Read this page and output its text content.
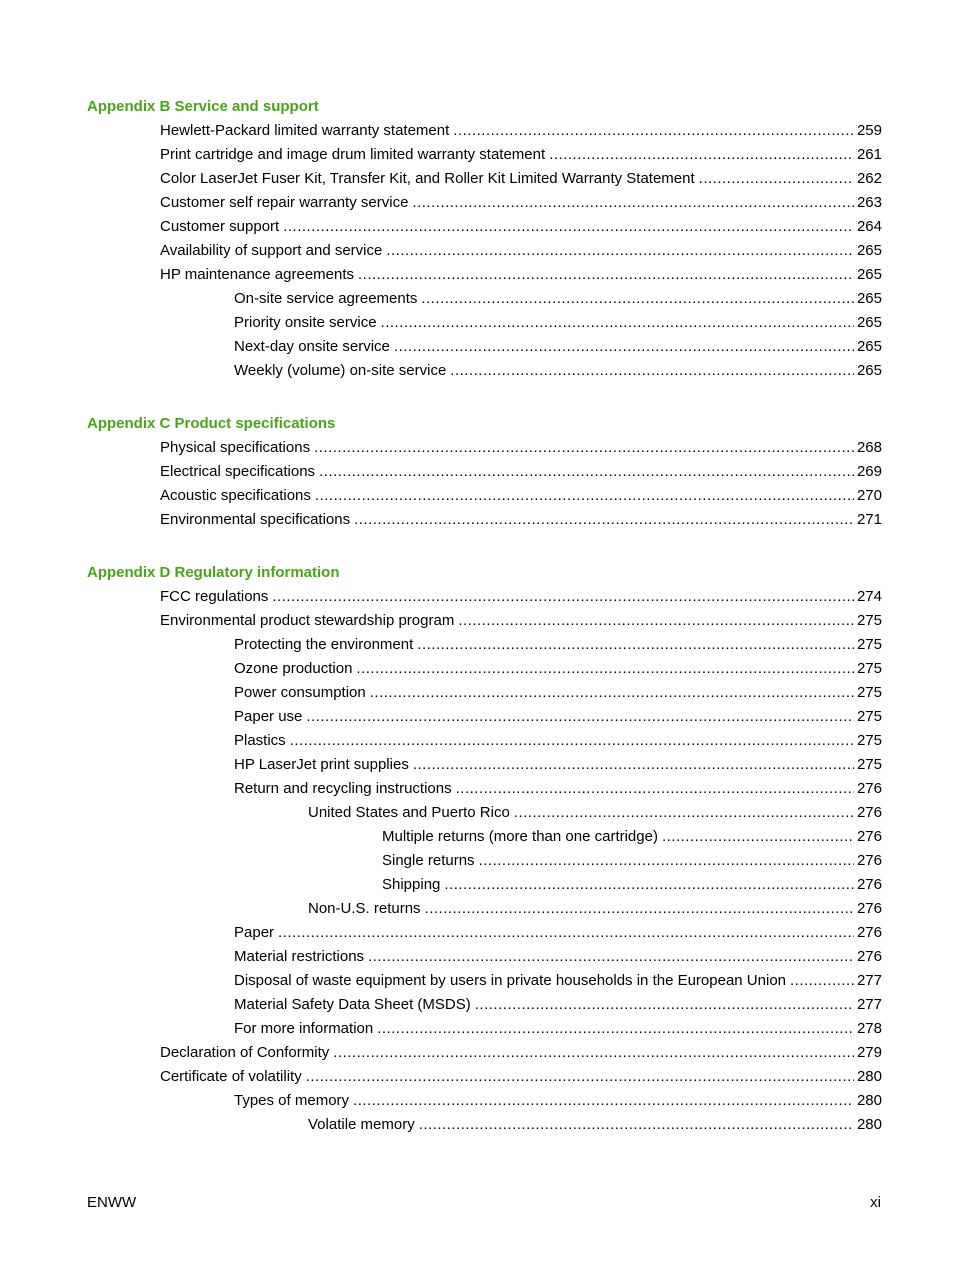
Appendix B Service and support
Hewlett-Packard limited warranty statement .....	259
Print cartridge and image drum limited warranty statement .....	261
Color LaserJet Fuser Kit, Transfer Kit, and Roller Kit Limited Warranty Statement .....	262
Customer self repair warranty service .....	263
Customer support .....	264
Availability of support and service .....	265
HP maintenance agreements .....	265
On-site service agreements .....	265
Priority onsite service .....	265
Next-day onsite service .....	265
Weekly (volume) on-site service .....	265
Appendix C Product specifications
Physical specifications .....	268
Electrical specifications .....	269
Acoustic specifications .....	270
Environmental specifications .....	271
Appendix D Regulatory information
FCC regulations .....	274
Environmental product stewardship program .....	275
Protecting the environment .....	275
Ozone production .....	275
Power consumption .....	275
Paper use .....	275
Plastics .....	275
HP LaserJet print supplies .....	275
Return and recycling instructions .....	276
United States and Puerto Rico .....	276
Multiple returns (more than one cartridge) .....	276
Single returns .....	276
Shipping .....	276
Non-U.S. returns .....	276
Paper .....	276
Material restrictions .....	276
Disposal of waste equipment by users in private households in the European Union .....	277
Material Safety Data Sheet (MSDS) .....	277
For more information .....	278
Declaration of Conformity .....	279
Certificate of volatility .....	280
Types of memory .....	280
Volatile memory .....	280
ENWW	xi
